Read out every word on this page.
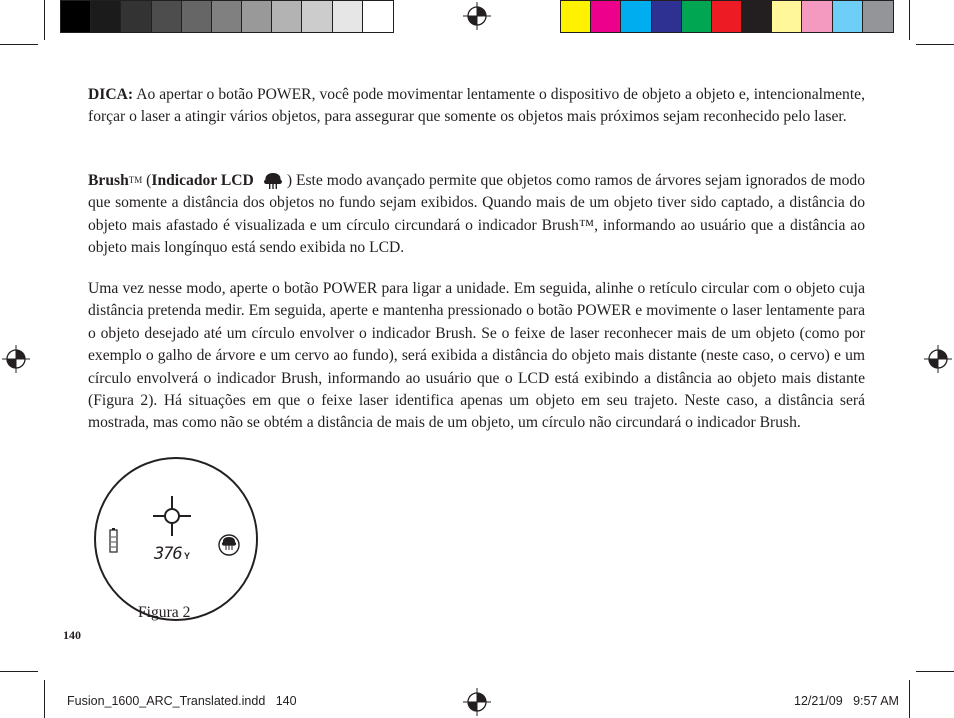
DICA: Ao apertar o botão POWER, você pode movimentar lentamente o dispositivo de objeto a objeto e, intencionalmente, forçar o laser a atingir vários objetos, para assegurar que somente os objetos mais próximos sejam reconhecido pelo laser.

Brush™ (Indicador LCD ) Este modo avançado permite que objetos como ramos de árvores sejam ignorados de modo que somente a distância dos objetos no fundo sejam exibidos. Quando mais de um objeto tiver sido captado, a distância do objeto mais afastado é visualizada e um círculo circundará o indicador Brush™, informando ao usuário que a distância ao objeto mais longínquo está sendo exibida no LCD.

Uma vez nesse modo, aperte o botão POWER para ligar a unidade. Em seguida, alinhe o retículo circular com o objeto cuja distância pretenda medir. Em seguida, aperte e mantenha pressionado o botão POWER e movimente o laser lentamente para o objeto desejado até um círculo envolver o indicador Brush. Se o feixe de laser reconhecer mais de um objeto (como por exemplo o galho de árvore e um cervo ao fundo), será exibida a distância do objeto mais distante (neste caso, o cervo) e um círculo envolverá o indicador Brush, informando ao usuário que o LCD está exibindo a distância ao objeto mais distante (Figura 2). Há situações em que o feixe laser identifica apenas um objeto em seu trajeto. Neste caso, a distância será mostrada, mas como não se obtém a distância de mais de um objeto, um círculo não circundará o indicador Brush.

376 Y
Figura 2
140
Fusion_1600_ARC_Translated.indd   140	12/21/09   9:57 AM
